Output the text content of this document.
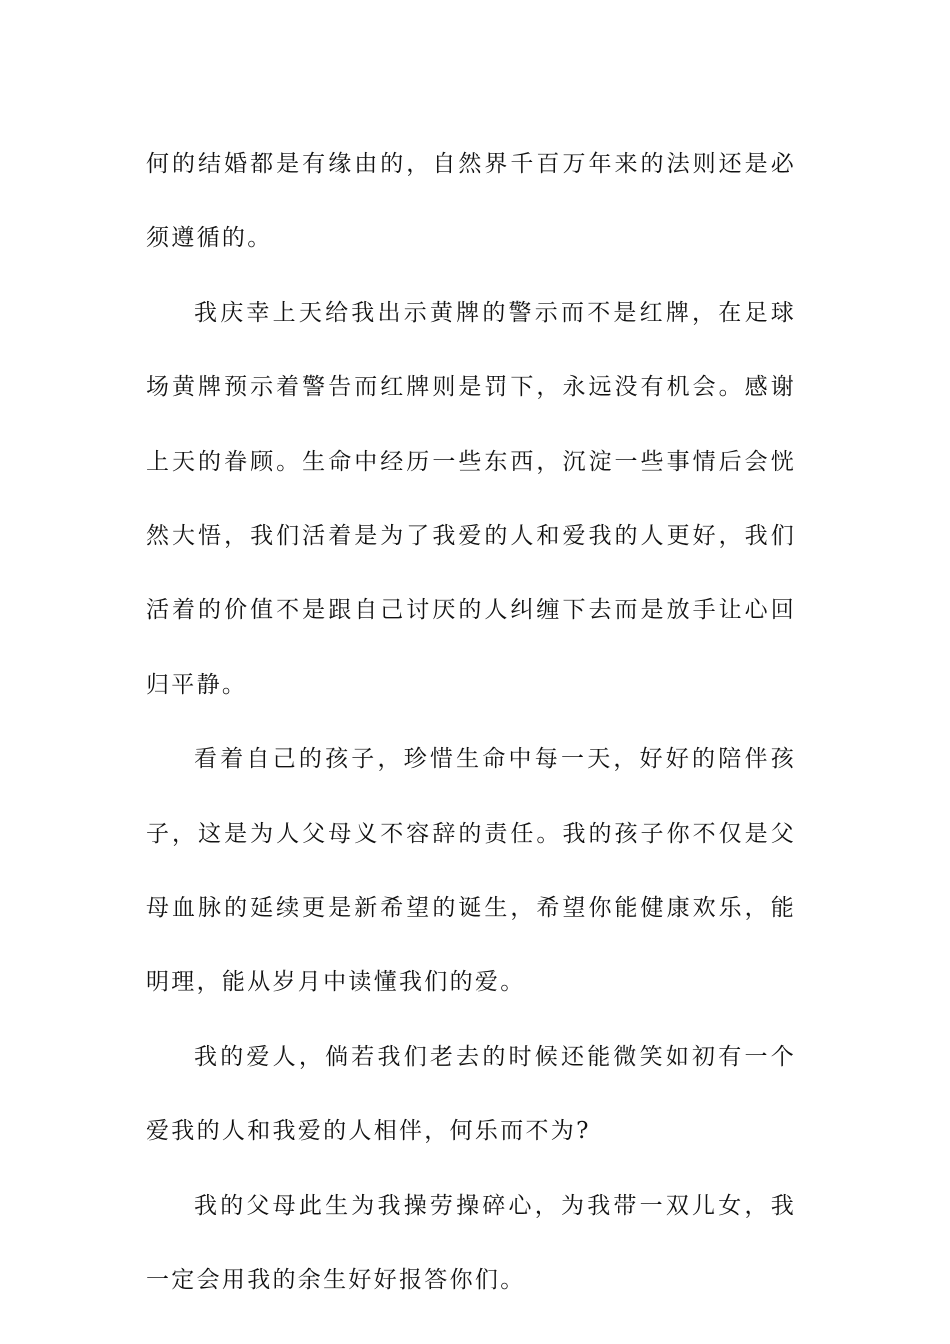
何的结婚都是有缘由的，自然界千百万年来的法则还是必须遵循的。

我庆幸上天给我出示黄牌的警示而不是红牌，在足球场黄牌预示着警告而红牌则是罚下，永远没有机会。感谢上天的眷顾。生命中经历一些东西，沉淀一些事情后会恍然大悟，我们活着是为了我爱的人和爱我的人更好，我们活着的价值不是跟自己讨厌的人纠缠下去而是放手让心回归平静。

看着自己的孩子，珍惜生命中每一天，好好的陪伴孩子，这是为人父母义不容辞的责任。我的孩子你不仅是父母血脉的延续更是新希望的诞生，希望你能健康欢乐，能明理，能从岁月中读懂我们的爱。

我的爱人，倘若我们老去的时候还能微笑如初有一个爱我的人和我爱的人相伴，何乐而不为?

我的父母此生为我操劳操碎心，为我带一双儿女，我一定会用我的余生好好报答你们。
